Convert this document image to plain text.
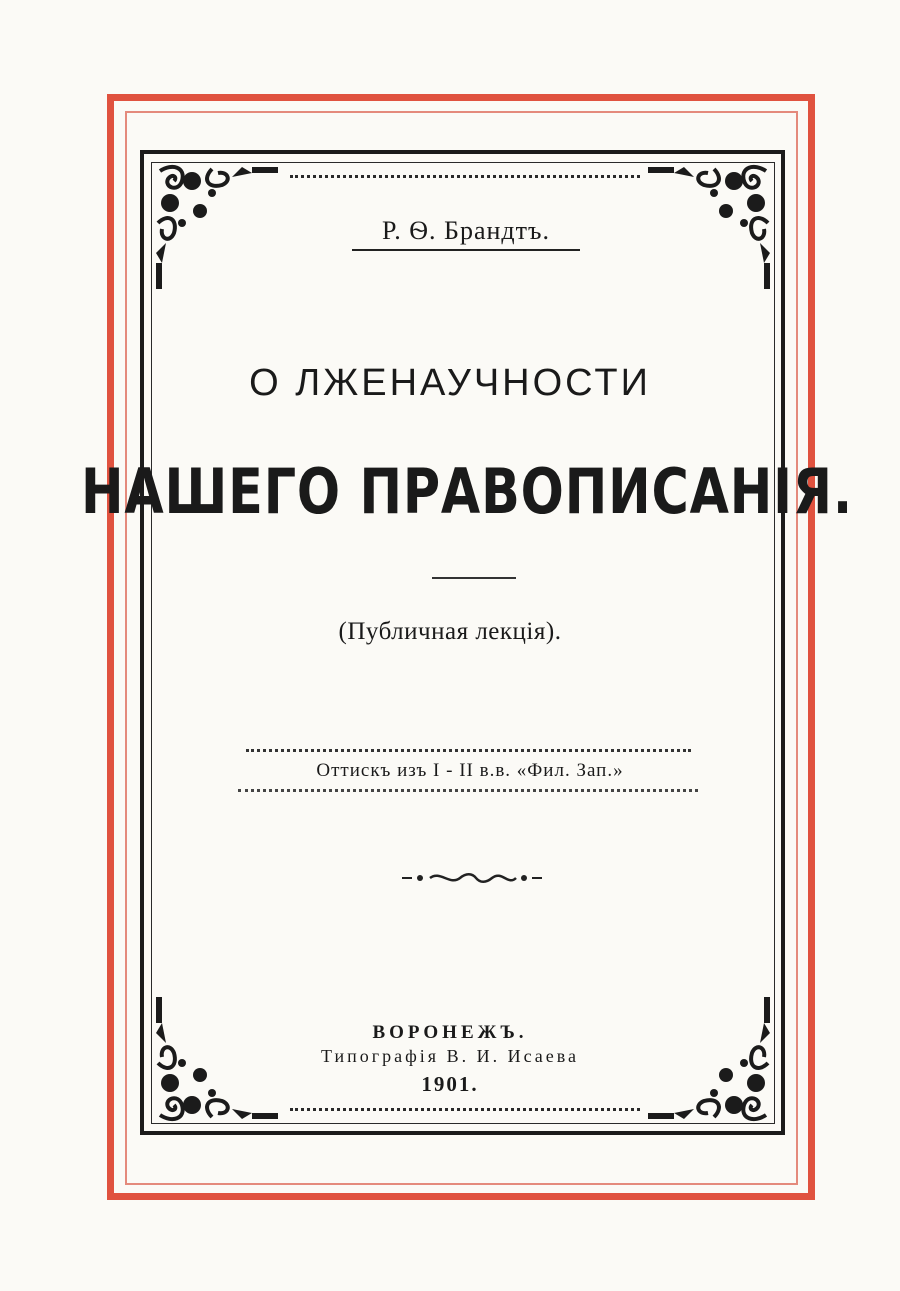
Р. Ѳ. Брандтъ.
О ЛЖЕНАУЧНОСТИ
НАШЕГО ПРАВОПИСАНІЯ.
(Публичная лекція).
Оттискъ изъ I - II в.в. «Фил. Зап.»
ВОРОНЕЖЪ.
Типографія В. И. Исаева
1901.
